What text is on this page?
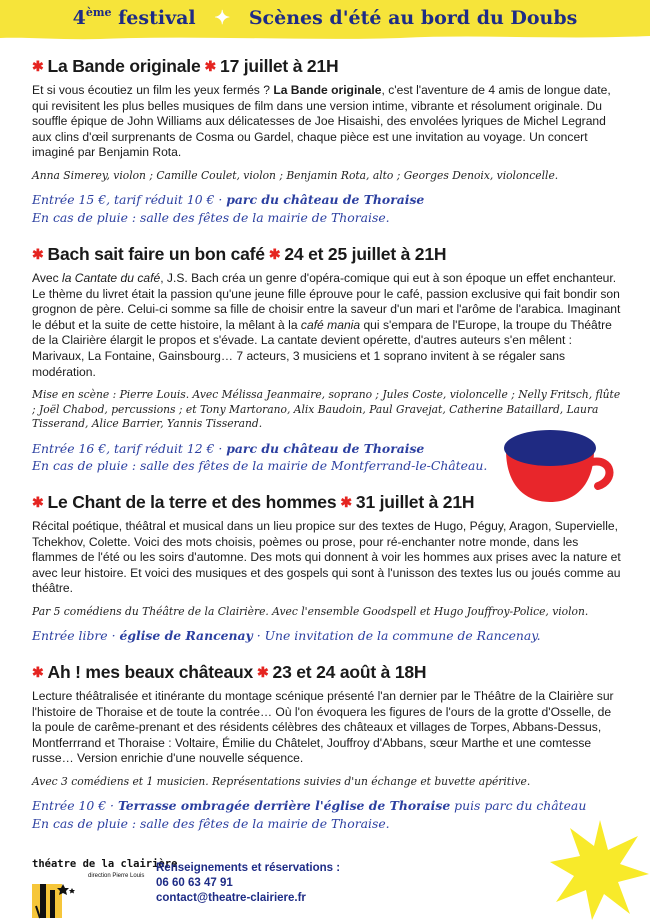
4ème festival ✦ Scènes d'été au bord du Doubs
✱ La Bande originale ✱ 17 juillet à 21H

Et si vous écoutiez un film les yeux fermés ? La Bande originale, c'est l'aventure de 4 amis de longue date, qui revisitent les plus belles musiques de film dans une version intime, vibrante et résolument originale. Du souffle épique de John Williams aux délicatesses de Joe Hisaishi, des envolées lyriques de Michel Legrand aux clins d'œil surprenants de Cosma ou Gardel, chaque pièce est une invitation au voyage. Un concert imaginé par Benjamin Rota.

Anna Simerey, violon ; Camille Coulet, violon ; Benjamin Rota, alto ; Georges Denoix, violoncelle.

Entrée 15 €, tarif réduit 10 € · parc du château de Thoraise
En cas de pluie : salle des fêtes de la mairie de Thoraise.

✱ Bach sait faire un bon café ✱ 24 et 25 juillet à 21H

Avec la Cantate du café, J.S. Bach créa un genre d'opéra-comique qui eut à son époque un effet enchanteur. Le thème du livret était la passion qu'une jeune fille éprouve pour le café, passion exclusive qui fait bondir son grognon de père. Celui-ci somme sa fille de choisir entre la saveur d'un mari et l'arôme de l'arabica. Imaginant le début et la suite de cette histoire, la mêlant à la café mania qui s'empara de l'Europe, la troupe du Théâtre de la Clairière élargit le propos et s'évade. La cantate devient opérette, d'autres auteurs s'en mêlent : Marivaux, La Fontaine, Gainsbourg… 7 acteurs, 3 musiciens et 1 soprano invitent à se régaler sans modération.

Mise en scène : Pierre Louis. Avec Mélissa Jeanmaire, soprano ; Jules Coste, violoncelle ; Nelly Fritsch, flûte ; Joël Chabod, percussions ; et Tony Martorano, Alix Baudoin, Paul Gravejat, Catherine Bataillard, Laura Tisserand, Alice Barrier, Yannis Tisserand.

Entrée 16 €, tarif réduit 12 € · parc du château de Thoraise
En cas de pluie : salle des fêtes de la mairie de Montferrand-le-Château.

✱ Le Chant de la terre et des hommes ✱ 31 juillet à 21H

Récital poétique, théâtral et musical dans un lieu propice sur des textes de Hugo, Péguy, Aragon, Supervielle, Tchekhov, Colette. Voici des mots choisis, poèmes ou prose, pour ré-enchanter notre monde, dans les flammes de l'été ou les soirs d'automne. Des mots qui donnent à voir les hommes aux prises avec la nature et avec leur histoire. Et voici des musiques et des gospels qui sont à l'unisson des textes lus ou joués comme au théâtre.

Par 5 comédiens du Théâtre de la Clairière. Avec l'ensemble Goodspell et Hugo Jouffroy-Police, violon.

Entrée libre · église de Rancenay · Une invitation de la commune de Rancenay.

✱ Ah ! mes beaux châteaux ✱ 23 et 24 août à 18H

Lecture théâtralisée et itinérante du montage scénique présenté l'an dernier par le Théâtre de la Clairière sur l'histoire de Thoraise et de toute la contrée… Où l'on évoquera les figures de l'ours de la grotte d'Osselle, de la poule de carême-prenant et des résidents célèbres des châteaux et villages de Torpes, Abbans-Dessus, Montferrrand et Thoraise : Voltaire, Émilie du Châtelet, Jouffroy d'Abbans, sœur Marthe et une comtesse russe… Version enrichie d'une nouvelle séquence.

Avec 3 comédiens et 1 musicien. Représentations suivies d'un échange et buvette apéritive.

Entrée 10 € · Terrasse ombragée derrière l'église de Thoraise puis parc du château
En cas de pluie : salle des fêtes de la mairie de Thoraise.

théatre de la clairière
direction Pierre Louis
Renseignements et réservations :
06 60 63 47 91
contact@theatre-clairiere.fr
